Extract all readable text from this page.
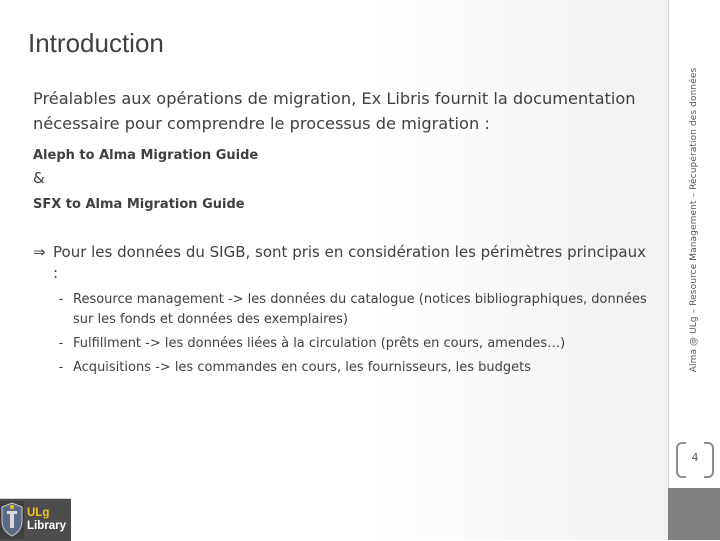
Introduction

Préalables aux opérations de migration, Ex Libris fournit la documentation nécessaire pour comprendre le processus de migration :

Aleph to Alma Migration Guide

&

SFX to Alma Migration Guide

⇒ Pour les données du SIGB, sont pris en considération les périmètres principaux :

- Resource management -> les données du catalogue (notices bibliographiques, données sur les fonds et données des exemplaires)
- Fulfillment -> les données liées à la circulation (prêts en cours, amendes…)
- Acquisitions -> les commandes en cours, les fournisseurs, les budgets	Alma @ ULg – Resource Management – Récupération des données
4
ULg
Library
